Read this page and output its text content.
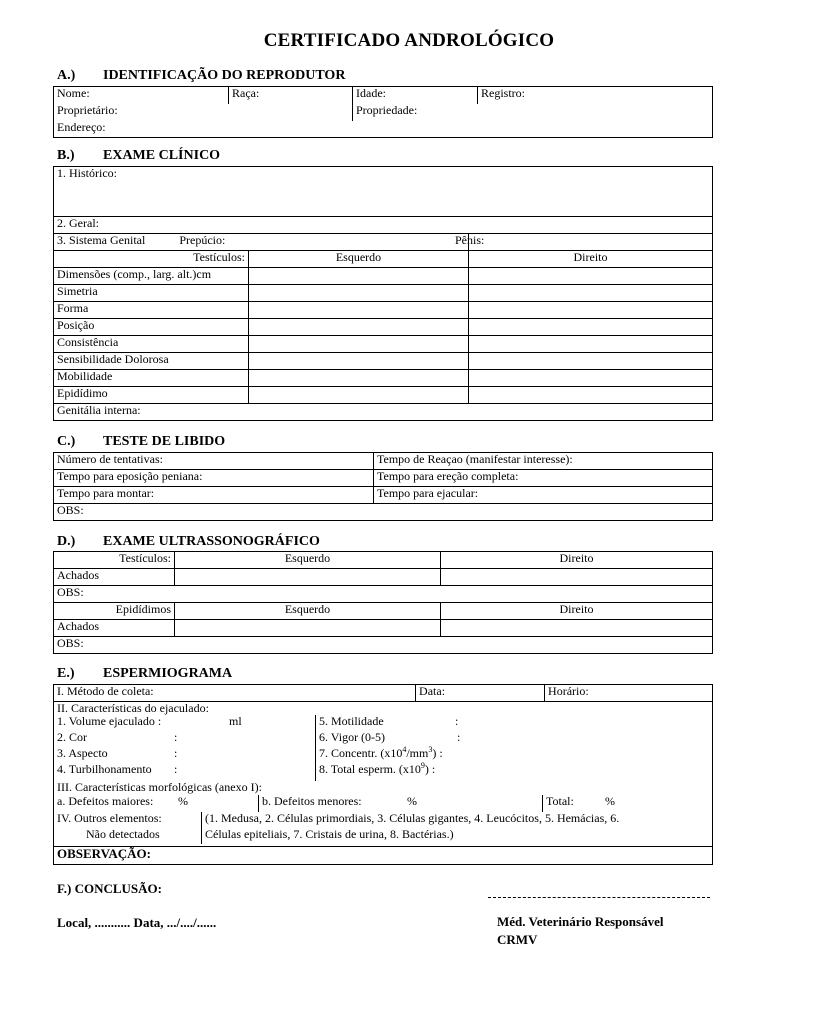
CERTIFICADO ANDROLÓGICO
A.) IDENTIFICAÇÃO DO REPRODUTOR
Nome:	Raça:	Idade:	Registro:
Proprietário:		Propriedade:	
Endereço:			
B.) EXAME CLÍNICO
1. Histórico:		
2. Geral:		
3. Sistema Genital Prepúcio:		Pênis:
Testículos:	Esquerdo	Direito
Dimensões (comp., larg. alt.)cm		
Simetria		
Forma		
Posição		
Consistência		
Sensibilidade Dolorosa		
Mobilidade		
Epidídimo		
Genitália interna:		
C.) TESTE DE LIBIDO
Número de tentativas:	Tempo de Reaçao (manifestar interesse):
Tempo para eposição peniana:	Tempo para ereção completa:
Tempo para montar:	Tempo para ejacular:
OBS:	
D.) EXAME ULTRASSONOGRÁFICO
Testículos:	Esquerdo	Direito
Achados		
OBS:		
Epidídimos	Esquerdo	Direito
Achados		
OBS:		
E.) ESPERMIOGRAMA
I. Método de coleta:	Data:	Horário:

II. Características do ejaculado:
1. Volume ejaculado :	ml
2. Cor	:
3. Aspecto	:
4. Turbilhonamento :
5. Motilidade	:
6. Vigor (0-5)	:
7. Concentr. $(x10^4/mm^3)$ :
8. Total esperm. $(x10^9)$ :
III. Características morfológicas (anexo I):
a. Defeitos maiores: %	b. Defeitos menores:	%	Total:	%
IV. Outros elementos:
Não detectados
(1. Medusa, 2. Células primordiais, 3. Células gigantes, 4. Leucócitos, 5. Hemácias, 6.
Células epiteliais, 7. Cristais de urina, 8. Bactérias.)

OBSERVAÇÃO:
F.) CONCLUSÃO:
Local, ........... Data, .../..../......	Méd. Veterinário Responsável
CRMV
